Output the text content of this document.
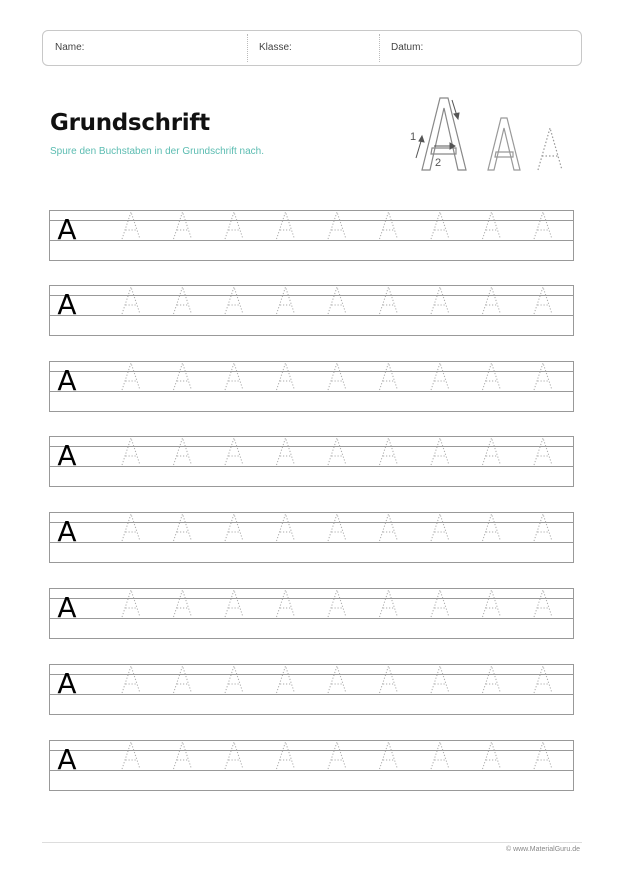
Name:	Klasse:	Datum:
Grundschrift
Spure den Buchstaben in der Grundschrift nach.
1
2
A
A
A
A
A
A
A
A
© www.MaterialGuru.de
